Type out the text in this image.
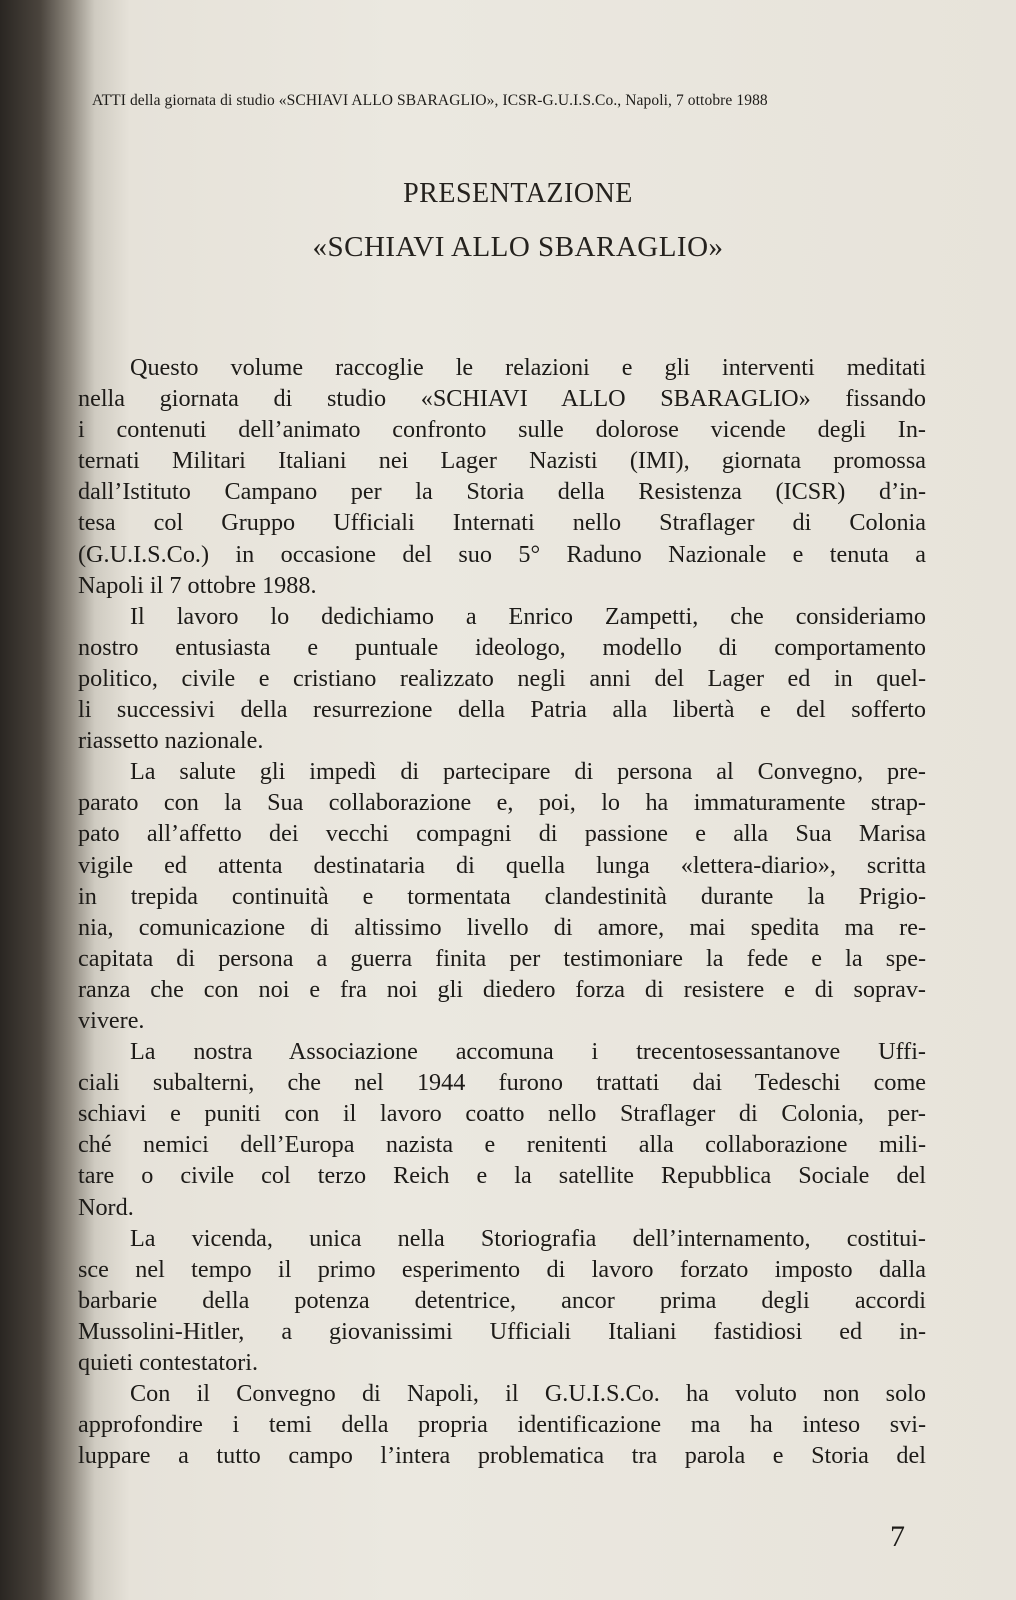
ATTI della giornata di studio «SCHIAVI ALLO SBARAGLIO», ICSR-G.U.I.S.Co., Napoli, 7 ottobre 1988
PRESENTAZIONE
«SCHIAVI ALLO SBARAGLIO»
Questo volume raccoglie le relazioni e gli interventi meditati
nella giornata di studio «SCHIAVI ALLO SBARAGLIO» fissando
i contenuti dell’animato confronto sulle dolorose vicende degli In-
ternati Militari Italiani nei Lager Nazisti (IMI), giornata promossa
dall’Istituto Campano per la Storia della Resistenza (ICSR) d’in-
tesa col Gruppo Ufficiali Internati nello Straflager di Colonia
(G.U.I.S.Co.) in occasione del suo 5° Raduno Nazionale e tenuta a
Napoli il 7 ottobre 1988.
Il lavoro lo dedichiamo a Enrico Zampetti, che consideriamo
nostro entusiasta e puntuale ideologo, modello di comportamento
politico, civile e cristiano realizzato negli anni del Lager ed in quel-
li successivi della resurrezione della Patria alla libertà e del sofferto
riassetto nazionale.
La salute gli impedì di partecipare di persona al Convegno, pre-
parato con la Sua collaborazione e, poi, lo ha immaturamente strap-
pato all’affetto dei vecchi compagni di passione e alla Sua Marisa
vigile ed attenta destinataria di quella lunga «lettera-diario», scritta
in trepida continuità e tormentata clandestinità durante la Prigio-
nia, comunicazione di altissimo livello di amore, mai spedita ma re-
capitata di persona a guerra finita per testimoniare la fede e la spe-
ranza che con noi e fra noi gli diedero forza di resistere e di soprav-
vivere.
La nostra Associazione accomuna i trecentosessantanove Uffi-
ciali subalterni, che nel 1944 furono trattati dai Tedeschi come
schiavi e puniti con il lavoro coatto nello Straflager di Colonia, per-
ché nemici dell’Europa nazista e renitenti alla collaborazione mili-
tare o civile col terzo Reich e la satellite Repubblica Sociale del
Nord.
La vicenda, unica nella Storiografia dell’internamento, costitui-
sce nel tempo il primo esperimento di lavoro forzato imposto dalla
barbarie della potenza detentrice, ancor prima degli accordi
Mussolini-Hitler, a giovanissimi Ufficiali Italiani fastidiosi ed in-
quieti contestatori.
Con il Convegno di Napoli, il G.U.I.S.Co. ha voluto non solo
approfondire i temi della propria identificazione ma ha inteso svi-
luppare a tutto campo l’intera problematica tra parola e Storia del
7
